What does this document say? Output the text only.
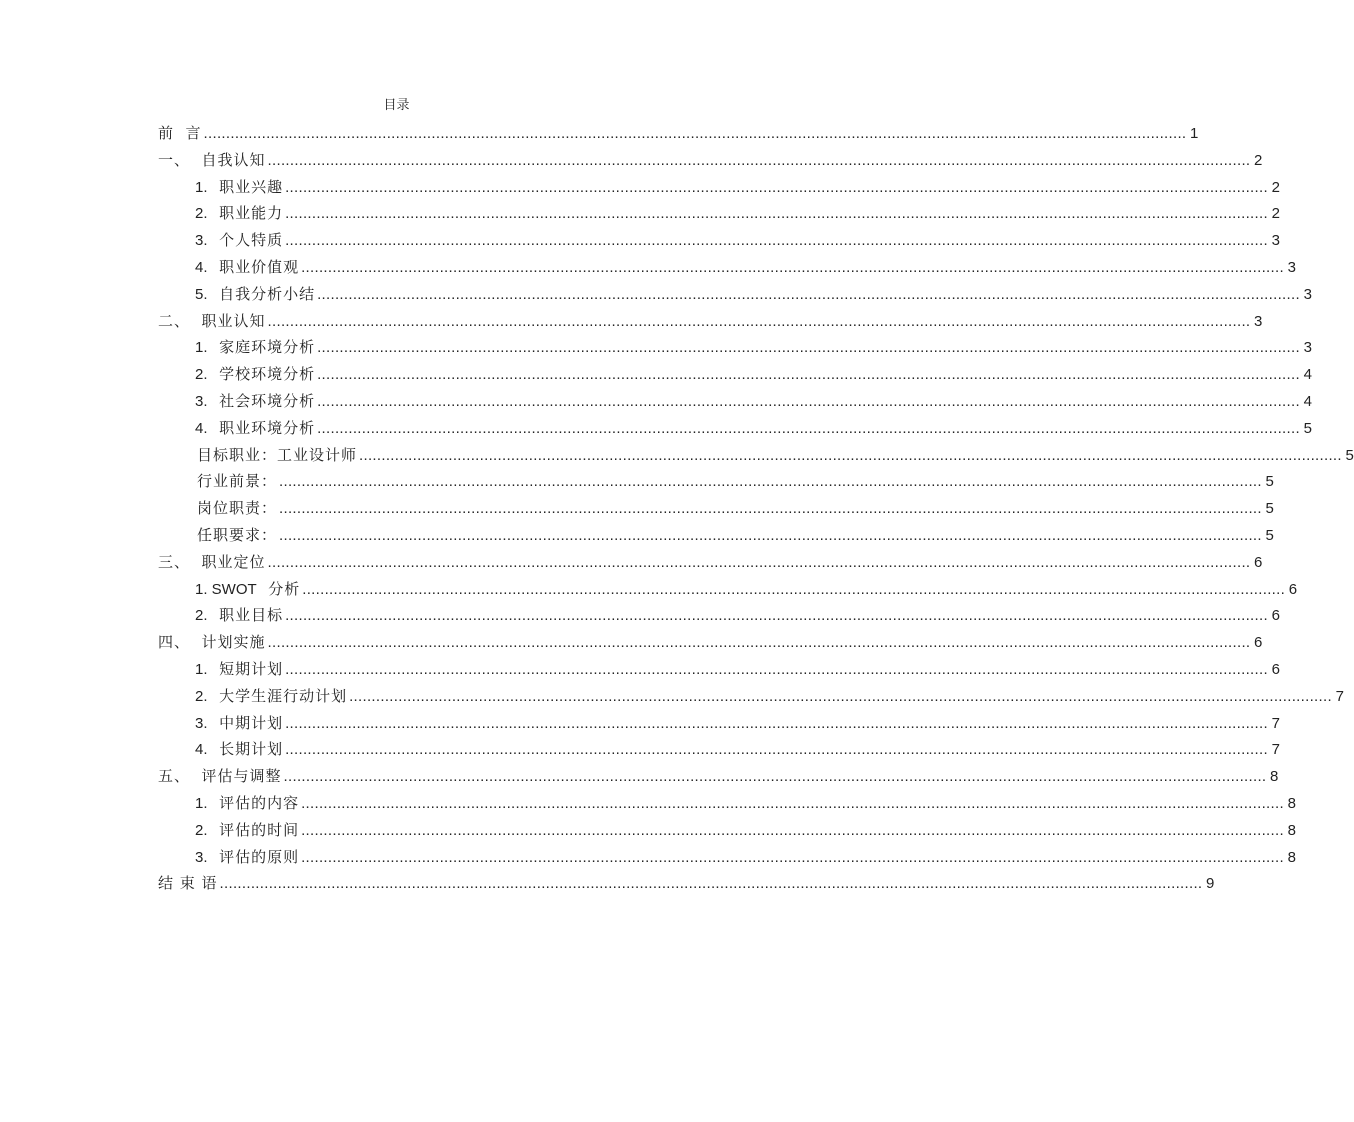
目录
前  言 ............................................................................................................................................................................................................................ 1
一、  自我认知 ............................................................................................................................................................................................................................ 2
1. 职业兴趣 ............................................................................................................................................................................................................................ 2
2. 职业能力 ............................................................................................................................................................................................................................ 2
3. 个人特质 ............................................................................................................................................................................................................................ 3
4. 职业价值观 ............................................................................................................................................................................................................................ 3
5. 自我分析小结 ............................................................................................................................................................................................................................ 3
二、  职业认知 ............................................................................................................................................................................................................................ 3
1. 家庭环境分析 ............................................................................................................................................................................................................................ 3
2. 学校环境分析 ............................................................................................................................................................................................................................ 4
3. 社会环境分析 ............................................................................................................................................................................................................................ 4
4. 职业环境分析 ............................................................................................................................................................................................................................ 5
目标职业：工业设计师 ............................................................................................................................................................................................................................ 5
行业前景： ............................................................................................................................................................................................................................ 5
岗位职责： ............................................................................................................................................................................................................................ 5
任职要求： ............................................................................................................................................................................................................................ 5
三、  职业定位 ............................................................................................................................................................................................................................ 6
1. SWOT 分析 ............................................................................................................................................................................................................................ 6
2. 职业目标 ............................................................................................................................................................................................................................ 6
四、  计划实施 ............................................................................................................................................................................................................................ 6
1. 短期计划 ............................................................................................................................................................................................................................ 6
2. 大学生涯行动计划 ............................................................................................................................................................................................................................ 7
3. 中期计划 ............................................................................................................................................................................................................................ 7
4. 长期计划 ............................................................................................................................................................................................................................ 7
五、  评估与调整 ............................................................................................................................................................................................................................ 8
1. 评估的内容 ............................................................................................................................................................................................................................ 8
2. 评估的时间 ............................................................................................................................................................................................................................ 8
3. 评估的原则 ............................................................................................................................................................................................................................ 8
结 束 语 ............................................................................................................................................................................................................................ 9
